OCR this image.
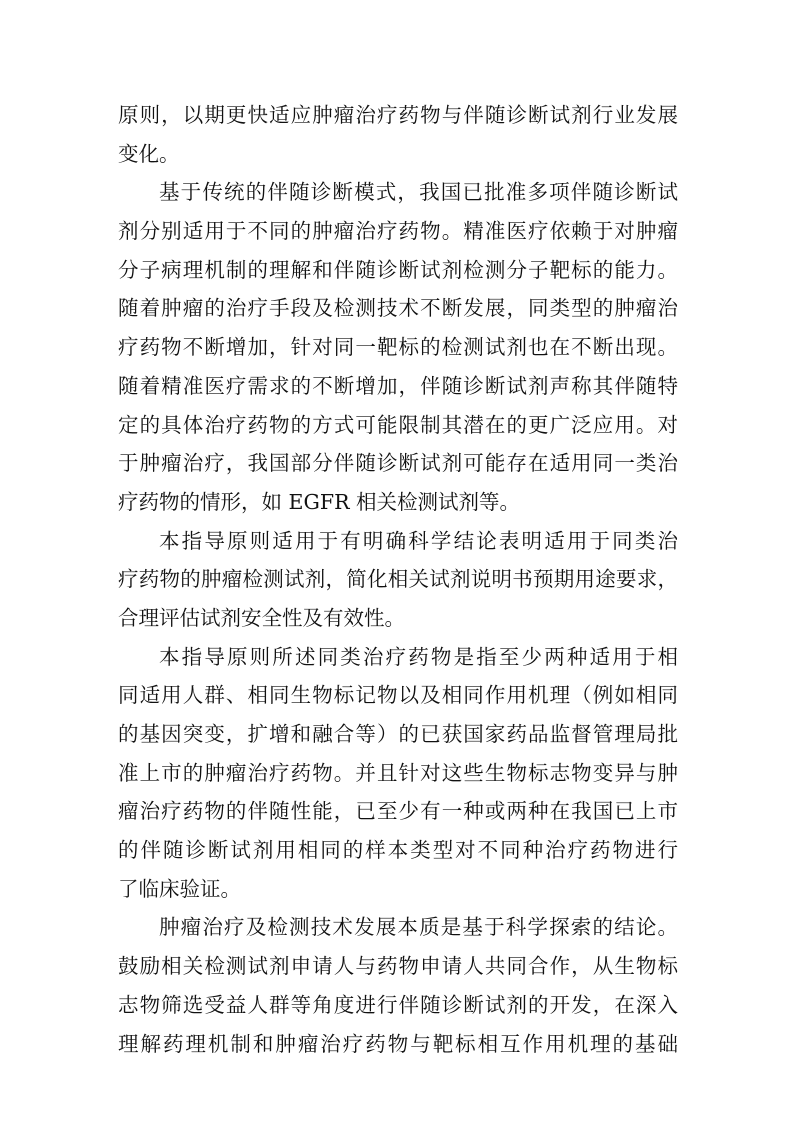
原则，以期更快适应肿瘤治疗药物与伴随诊断试剂行业发展
变化。
基于传统的伴随诊断模式，我国已批准多项伴随诊断试
剂分别适用于不同的肿瘤治疗药物。精准医疗依赖于对肿瘤
分子病理机制的理解和伴随诊断试剂检测分子靶标的能力。
随着肿瘤的治疗手段及检测技术不断发展，同类型的肿瘤治
疗药物不断增加，针对同一靶标的检测试剂也在不断出现。
随着精准医疗需求的不断增加，伴随诊断试剂声称其伴随特
定的具体治疗药物的方式可能限制其潜在的更广泛应用。对
于肿瘤治疗，我国部分伴随诊断试剂可能存在适用同一类治
疗药物的情形，如 EGFR 相关检测试剂等。
本指导原则适用于有明确科学结论表明适用于同类治
疗药物的肿瘤检测试剂，简化相关试剂说明书预期用途要求，
合理评估试剂安全性及有效性。
本指导原则所述同类治疗药物是指至少两种适用于相
同适用人群、相同生物标记物以及相同作用机理（例如相同
的基因突变，扩增和融合等）的已获国家药品监督管理局批
准上市的肿瘤治疗药物。并且针对这些生物标志物变异与肿
瘤治疗药物的伴随性能，已至少有一种或两种在我国已上市
的伴随诊断试剂用相同的样本类型对不同种治疗药物进行
了临床验证。
肿瘤治疗及检测技术发展本质是基于科学探索的结论。
鼓励相关检测试剂申请人与药物申请人共同合作，从生物标
志物筛选受益人群等角度进行伴随诊断试剂的开发，在深入
理解药理机制和肿瘤治疗药物与靶标相互作用机理的基础
